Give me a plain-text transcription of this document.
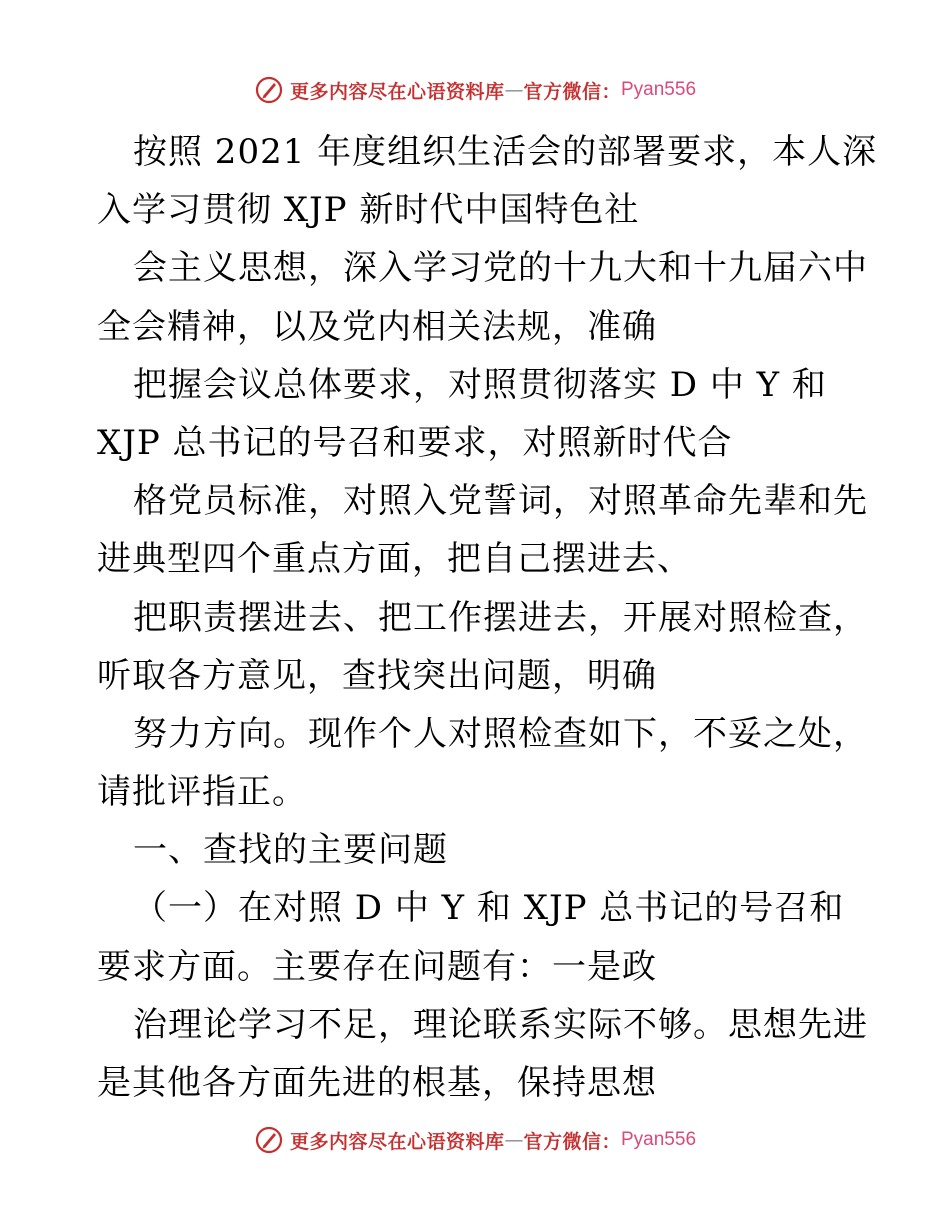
更多内容尽在心语资料库 — 官方微信： Pyan556
按照 2021 年度组织生活会的部署要求，本人深
入学习贯彻 XJP 新时代中国特色社
会主义思想，深入学习党的十九大和十九届六中
全会精神，以及党内相关法规，准确
把握会议总体要求，对照贯彻落实 D 中 Y 和
XJP 总书记的号召和要求，对照新时代合
格党员标准，对照入党誓词，对照革命先辈和先
进典型四个重点方面，把自己摆进去、
把职责摆进去、把工作摆进去，开展对照检查，
听取各方意见，查找突出问题，明确
努力方向。现作个人对照检查如下，不妥之处，
请批评指正。
一、查找的主要问题
（一）在对照 D 中 Y 和 XJP 总书记的号召和
要求方面。主要存在问题有：一是政
治理论学习不足，理论联系实际不够。思想先进
是其他各方面先进的根基，保持思想
更多内容尽在心语资料库 — 官方微信： Pyan556
